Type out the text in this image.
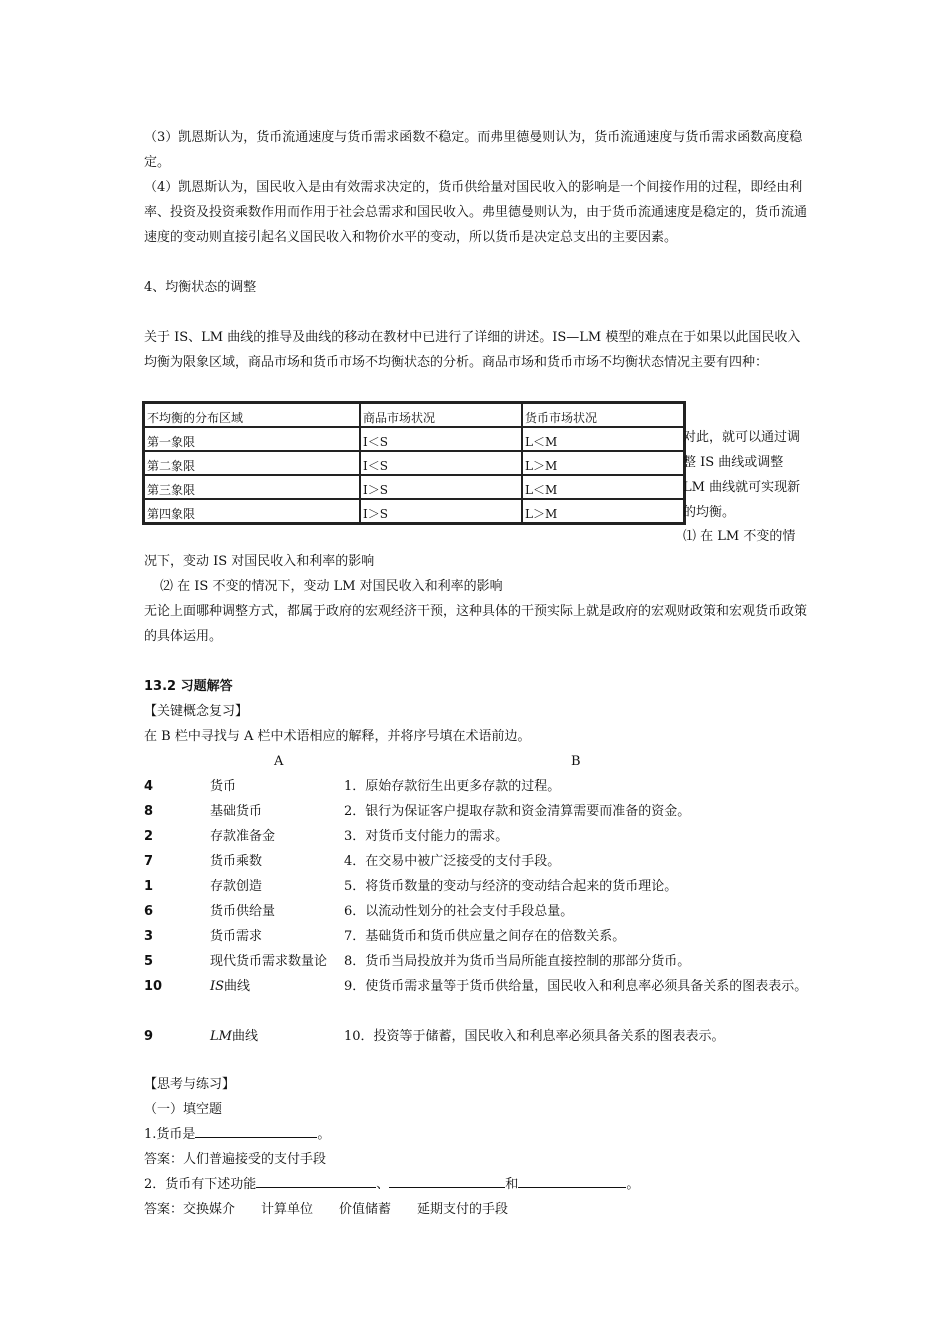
（3）凯恩斯认为，货币流通速度与货币需求函数不稳定。而弗里德曼则认为，货币流通速度与货币需求函数高度稳定。

（4）凯恩斯认为，国民收入是由有效需求决定的，货币供给量对国民收入的影响是一个间接作用的过程，即经由利率、投资及投资乘数作用而作用于社会总需求和国民收入。弗里德曼则认为，由于货币流通速度是稳定的，货币流通速度的变动则直接引起名义国民收入和物价水平的变动，所以货币是决定总支出的主要因素。

4、均衡状态的调整

关于 IS、LM 曲线的推导及曲线的移动在教材中已进行了详细的讲述。IS—LM 模型的难点在于如果以此国民收入均衡为限象区域，商品市场和货币市场不均衡状态的分析。商品市场和货币市场不均衡状态情况主要有四种：

不均衡的分布区域	商品市场状况	货币市场状况
第一象限	I＜S	L＜M
第二象限	I＜S	L＞M
第三象限	I＞S	L＜M
第四象限	I＞S	L＞M
对此，就可以通过调整 IS 曲线或调整 LM 曲线就可实现新的均衡。
⑴ 在 LM 不变的情

况下，变动 IS 对国民收入和利率的影响

⑵ 在 IS 不变的情况下，变动 LM 对国民收入和利率的影响

无论上面哪种调整方式，都属于政府的宏观经济干预，这种具体的干预实际上就是政府的宏观财政策和宏观货币政策的具体运用。

13.2 习题解答

【关键概念复习】

在 B 栏中寻找与 A 栏中术语相应的解释，并将序号填在术语前边。

A	B
4	货币	1．原始存款衍生出更多存款的过程。
8	基础货币	2．银行为保证客户提取存款和资金清算需要而准备的资金。
2	存款准备金	3．对货币支付能力的需求。
7	货币乘数	4．在交易中被广泛接受的支付手段。
1	存款创造	5．将货币数量的变动与经济的变动结合起来的货币理论。
6	货币供给量	6．以流动性划分的社会支付手段总量。
3	货币需求	7．基础货币和货币供应量之间存在的倍数关系。
5	现代货币需求数量论	8．货币当局投放并为货币当局所能直接控制的那部分货币。
10	IS曲线	9．使货币需求量等于货币供给量，国民收入和利息率必须具备关系的图表表示。
9	LM曲线	10．投资等于储蓄，国民收入和利息率必须具备关系的图表表示。

【思考与练习】

（一）填空题

1.货币是	。

答案：人们普遍接受的支付手段

2．货币有下述功能	、	和	。

答案：交换媒介　　计算单位　　价值储蓄　　延期支付的手段
